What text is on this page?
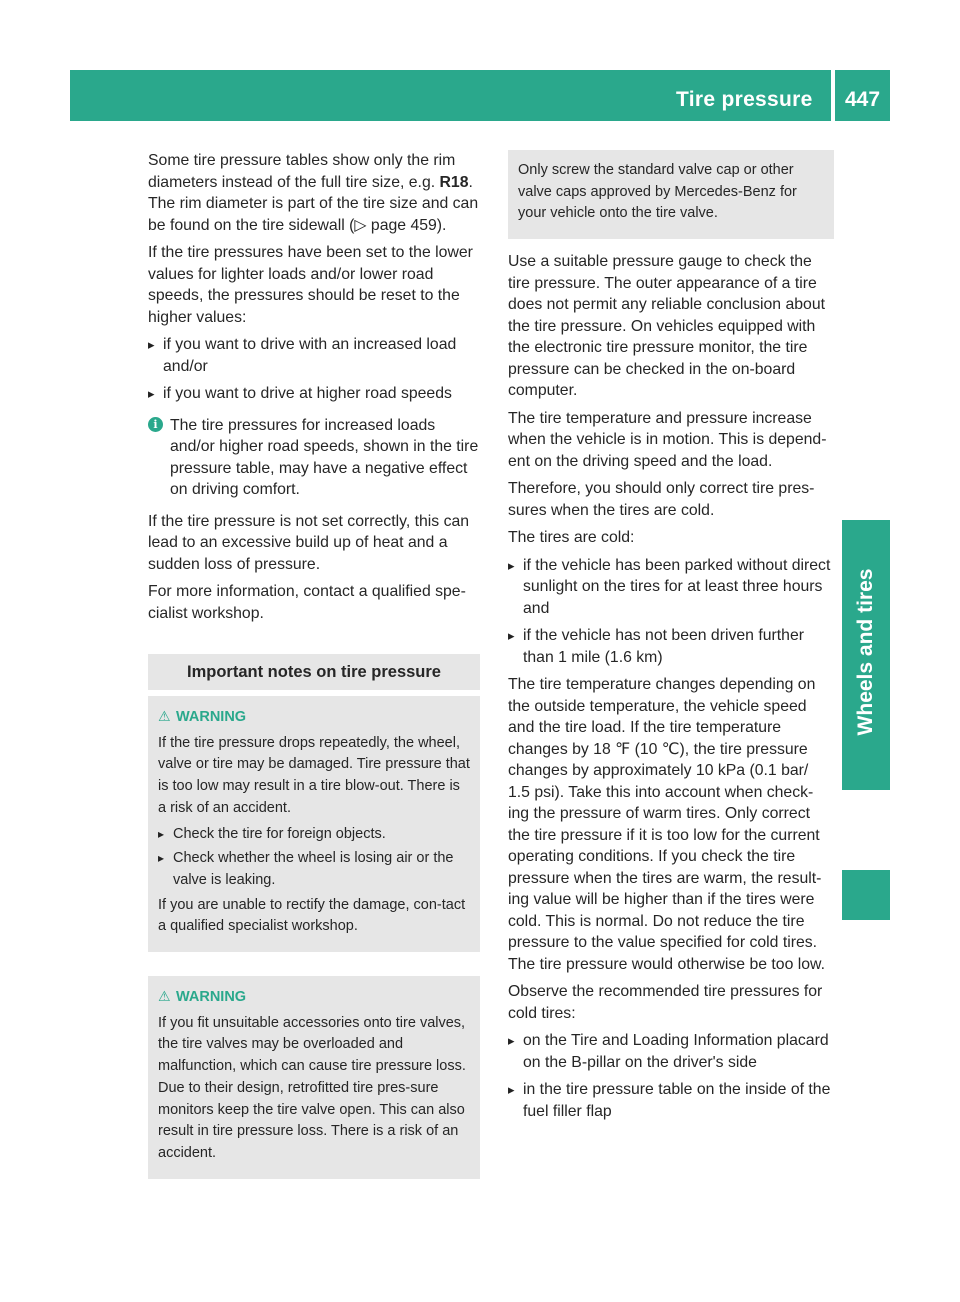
Tire pressure 447
Wheels and tires

Some tire pressure tables show only the rim diameters instead of the full tire size, e.g. R18. The rim diameter is part of the tire size and can be found on the tire sidewall (▷ page 459).

If the tire pressures have been set to the lower values for lighter loads and/or lower road speeds, the pressures should be reset to the higher values:

▸ if you want to drive with an increased load and/or
▸ if you want to drive at higher road speeds
i The tire pressures for increased loads and/or higher road speeds, shown in the tire pressure table, may have a negative effect on driving comfort.

If the tire pressure is not set correctly, this can lead to an excessive build up of heat and a sudden loss of pressure.

For more information, contact a qualified spe-cialist workshop.

Important notes on tire pressure
⚠ WARNING

If the tire pressure drops repeatedly, the wheel, valve or tire may be damaged. Tire pressure that is too low may result in a tire blow-out. There is a risk of an accident.

▸ Check the tire for foreign objects.
▸ Check whether the wheel is losing air or the valve is leaking.

If you are unable to rectify the damage, con-tact a qualified specialist workshop.

⚠ WARNING

If you fit unsuitable accessories onto tire valves, the tire valves may be overloaded and malfunction, which can cause tire pressure loss. Due to their design, retrofitted tire pres-sure monitors keep the tire valve open. This can also result in tire pressure loss. There is a risk of an accident.

Only screw the standard valve cap or other valve caps approved by Mercedes-Benz for your vehicle onto the tire valve.

Use a suitable pressure gauge to check the tire pressure. The outer appearance of a tire does not permit any reliable conclusion about the tire pressure. On vehicles equipped with the electronic tire pressure monitor, the tire pressure can be checked in the on-board computer.

The tire temperature and pressure increase when the vehicle is in motion. This is depend-ent on the driving speed and the load.

Therefore, you should only correct tire pres-sures when the tires are cold.

The tires are cold:

▸ if the vehicle has been parked without direct sunlight on the tires for at least three hours and
▸ if the vehicle has not been driven further than 1 mile (1.6 km)

The tire temperature changes depending on the outside temperature, the vehicle speed and the tire load. If the tire temperature changes by 18 ℉ (10 ℃), the tire pressure changes by approximately 10 kPa (0.1 bar/ 1.5 psi). Take this into account when check-ing the pressure of warm tires. Only correct the tire pressure if it is too low for the current operating conditions. If you check the tire pressure when the tires are warm, the result-ing value will be higher than if the tires were cold. This is normal. Do not reduce the tire pressure to the value specified for cold tires. The tire pressure would otherwise be too low.

Observe the recommended tire pressures for cold tires:

▸ on the Tire and Loading Information placard on the B-pillar on the driver's side
▸ in the tire pressure table on the inside of the fuel filler flap
